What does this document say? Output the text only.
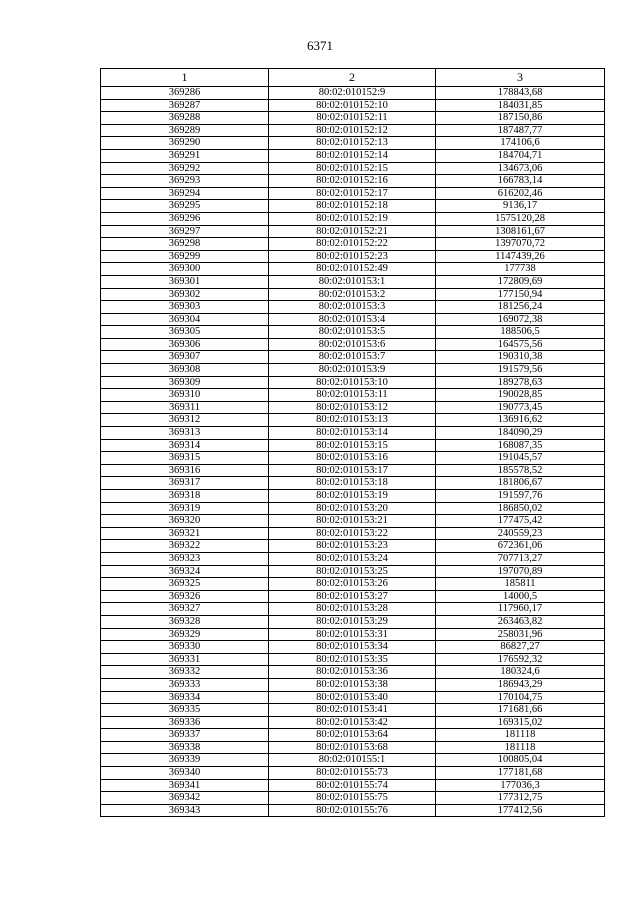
6371
1	2	3
369286	80:02:010152:9	178843,68
369287	80:02:010152:10	184031,85
369288	80:02:010152:11	187150,86
369289	80:02:010152:12	187487,77
369290	80:02:010152:13	174106,6
369291	80:02:010152:14	184704,71
369292	80:02:010152:15	134673,06
369293	80:02:010152:16	166783,14
369294	80:02:010152:17	616202,46
369295	80:02:010152:18	9136,17
369296	80:02:010152:19	1575120,28
369297	80:02:010152:21	1308161,67
369298	80:02:010152:22	1397070,72
369299	80:02:010152:23	1147439,26
369300	80:02:010152:49	177738
369301	80:02:010153:1	172809,69
369302	80:02:010153:2	177150,94
369303	80:02:010153:3	181256,24
369304	80:02:010153:4	169072,38
369305	80:02:010153:5	188506,5
369306	80:02:010153:6	164575,56
369307	80:02:010153:7	190310,38
369308	80:02:010153:9	191579,56
369309	80:02:010153:10	189278,63
369310	80:02:010153:11	190028,85
369311	80:02:010153:12	190773,45
369312	80:02:010153:13	136916,62
369313	80:02:010153:14	184090,29
369314	80:02:010153:15	168087,35
369315	80:02:010153:16	191045,57
369316	80:02:010153:17	185578,52
369317	80:02:010153:18	181806,67
369318	80:02:010153:19	191597,76
369319	80:02:010153:20	186850,02
369320	80:02:010153:21	177475,42
369321	80:02:010153:22	240559,23
369322	80:02:010153:23	672361,06
369323	80:02:010153:24	707713,27
369324	80:02:010153:25	197070,89
369325	80:02:010153:26	185811
369326	80:02:010153:27	14000,5
369327	80:02:010153:28	117960,17
369328	80:02:010153:29	263463,82
369329	80:02:010153:31	258031,96
369330	80:02:010153:34	86827,27
369331	80:02:010153:35	176592,32
369332	80:02:010153:36	180324,6
369333	80:02:010153:38	186943,29
369334	80:02:010153:40	170104,75
369335	80:02:010153:41	171681,66
369336	80:02:010153:42	169315,02
369337	80:02:010153:64	181118
369338	80:02:010153:68	181118
369339	80:02:010155:1	100805,04
369340	80:02:010155:73	177181,68
369341	80:02:010155:74	177036,3
369342	80:02:010155:75	177312,75
369343	80:02:010155:76	177412,56
